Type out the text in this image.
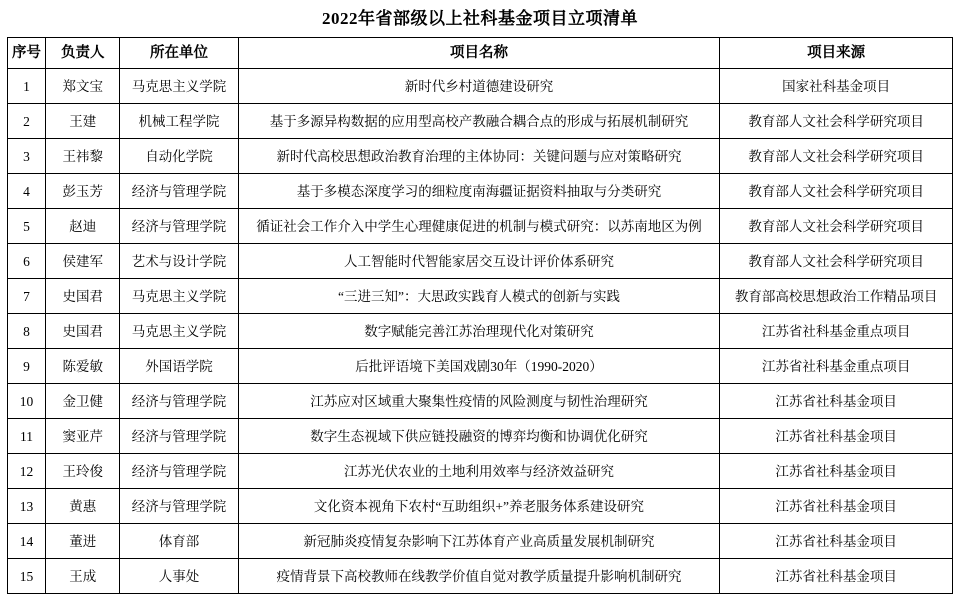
2022年省部级以上社科基金项目立项清单
序号	负责人	所在单位	项目名称	项目来源
1	郑文宝	马克思主义学院	新时代乡村道德建设研究	国家社科基金项目
2	王建	机械工程学院	基于多源异构数据的应用型高校产教融合耦合点的形成与拓展机制研究	教育部人文社会科学研究项目
3	王祎黎	自动化学院	新时代高校思想政治教育治理的主体协同：关键问题与应对策略研究	教育部人文社会科学研究项目
4	彭玉芳	经济与管理学院	基于多模态深度学习的细粒度南海疆证据资料抽取与分类研究	教育部人文社会科学研究项目
5	赵迪	经济与管理学院	循证社会工作介入中学生心理健康促进的机制与模式研究：以苏南地区为例	教育部人文社会科学研究项目
6	侯建军	艺术与设计学院	人工智能时代智能家居交互设计评价体系研究	教育部人文社会科学研究项目
7	史国君	马克思主义学院	“三进三知”：大思政实践育人模式的创新与实践	教育部高校思想政治工作精品项目
8	史国君	马克思主义学院	数字赋能完善江苏治理现代化对策研究	江苏省社科基金重点项目
9	陈爱敏	外国语学院	后批评语境下美国戏剧30年（1990-2020）	江苏省社科基金重点项目
10	金卫健	经济与管理学院	江苏应对区域重大聚集性疫情的风险测度与韧性治理研究	江苏省社科基金项目
11	窦亚芹	经济与管理学院	数字生态视域下供应链投融资的博弈均衡和协调优化研究	江苏省社科基金项目
12	王玲俊	经济与管理学院	江苏光伏农业的土地利用效率与经济效益研究	江苏省社科基金项目
13	黄惠	经济与管理学院	文化资本视角下农村“互助组织+”养老服务体系建设研究	江苏省社科基金项目
14	董进	体育部	新冠肺炎疫情复杂影响下江苏体育产业高质量发展机制研究	江苏省社科基金项目
15	王成	人事处	疫情背景下高校教师在线教学价值自觉对教学质量提升影响机制研究	江苏省社科基金项目
